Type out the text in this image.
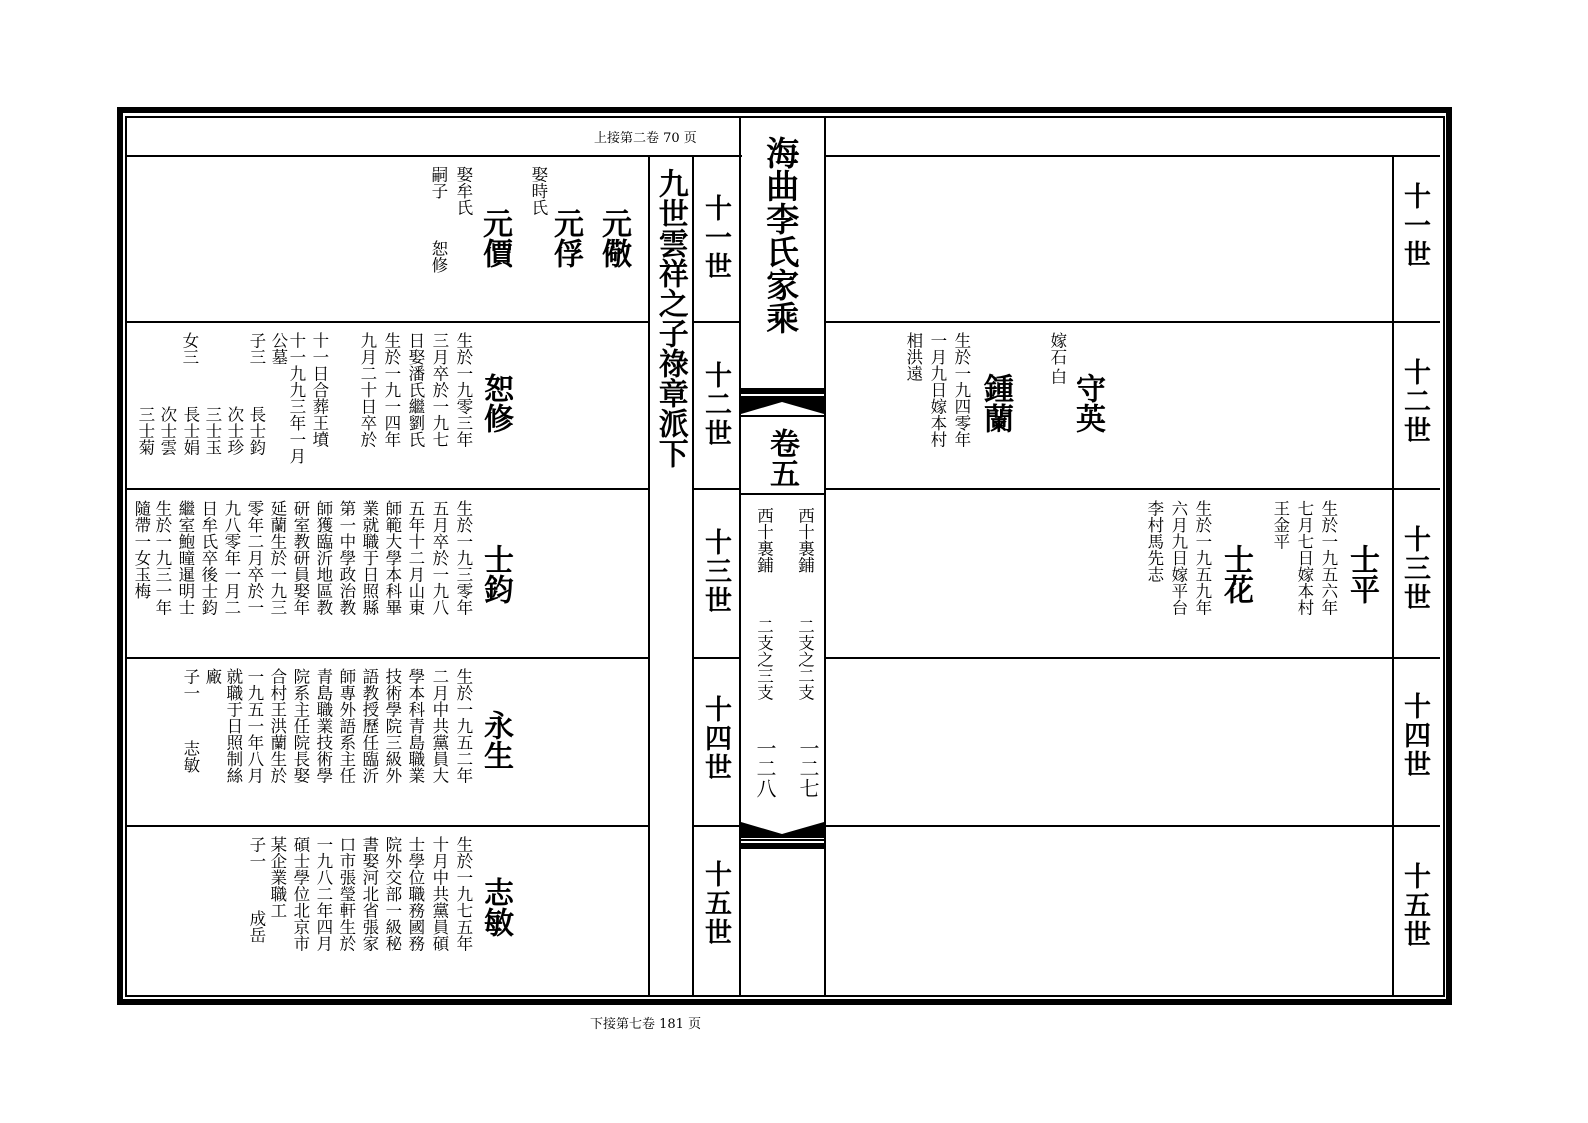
上接第二卷 70 页 海曲李氏家乘
卷五
西十裏鋪
西十裏鋪
二支之二支
二支之三支
一二七
一二八
九世雲祥之子祿章派下 十一世
十二世
十三世
十四世
十五世
元儆
元俘
娶時氏
元價
娶牟氏
嗣子
恕修
恕修
生於一九零三年
三月卒於一九七
日娶潘氏繼劉氏
生於一九一四年
九月二十日卒於
十一九九三年一月 十一日合葬王墳
公墓
子三
長士鈞
次士珍
三士玉
長士娟
次士雲
三士菊
女三
士鈞
生於一九三零年
五月卒於一九八
五年十二月山東
師範大學本科畢
業就職于日照縣
第一中學政治教
師獲臨沂地區教
研室教研員娶年
延蘭生於一九三
零年二月卒於一
九八零年一月二
日牟氏卒後士鈞
繼室鮑曈暹明士
生於一九三一年
隨帶一女玉梅
永生
生於一九五二年
二月中共黨員大
學本科青島職業
技術學院三級外
語教授歷任臨沂
師專外語系主任
青島職業技術學
院系主任院長娶
合村王洪蘭生於
一九五一年八月
就職于日照制絲
廠
子一
志敏
志敏
生於一九七五年
十月中共黨員碩
士學位職務國務
院外交部一級秘
書娶河北省張家
口市張瑩軒生於
一九八二年四月
碩士學位北京市
某企業職工
子一
成岳
下接第七卷 181 页
十一世
十二世
十三世
十四世
十五世
守英
嫁石
白
鍾蘭
生於一九四零年
一月九日嫁本村
相洪遠
士平
生於一九五六年
七月七日嫁本村
王金平
士花
生於一九五九年
六月九日嫁平台
李村馬先志
